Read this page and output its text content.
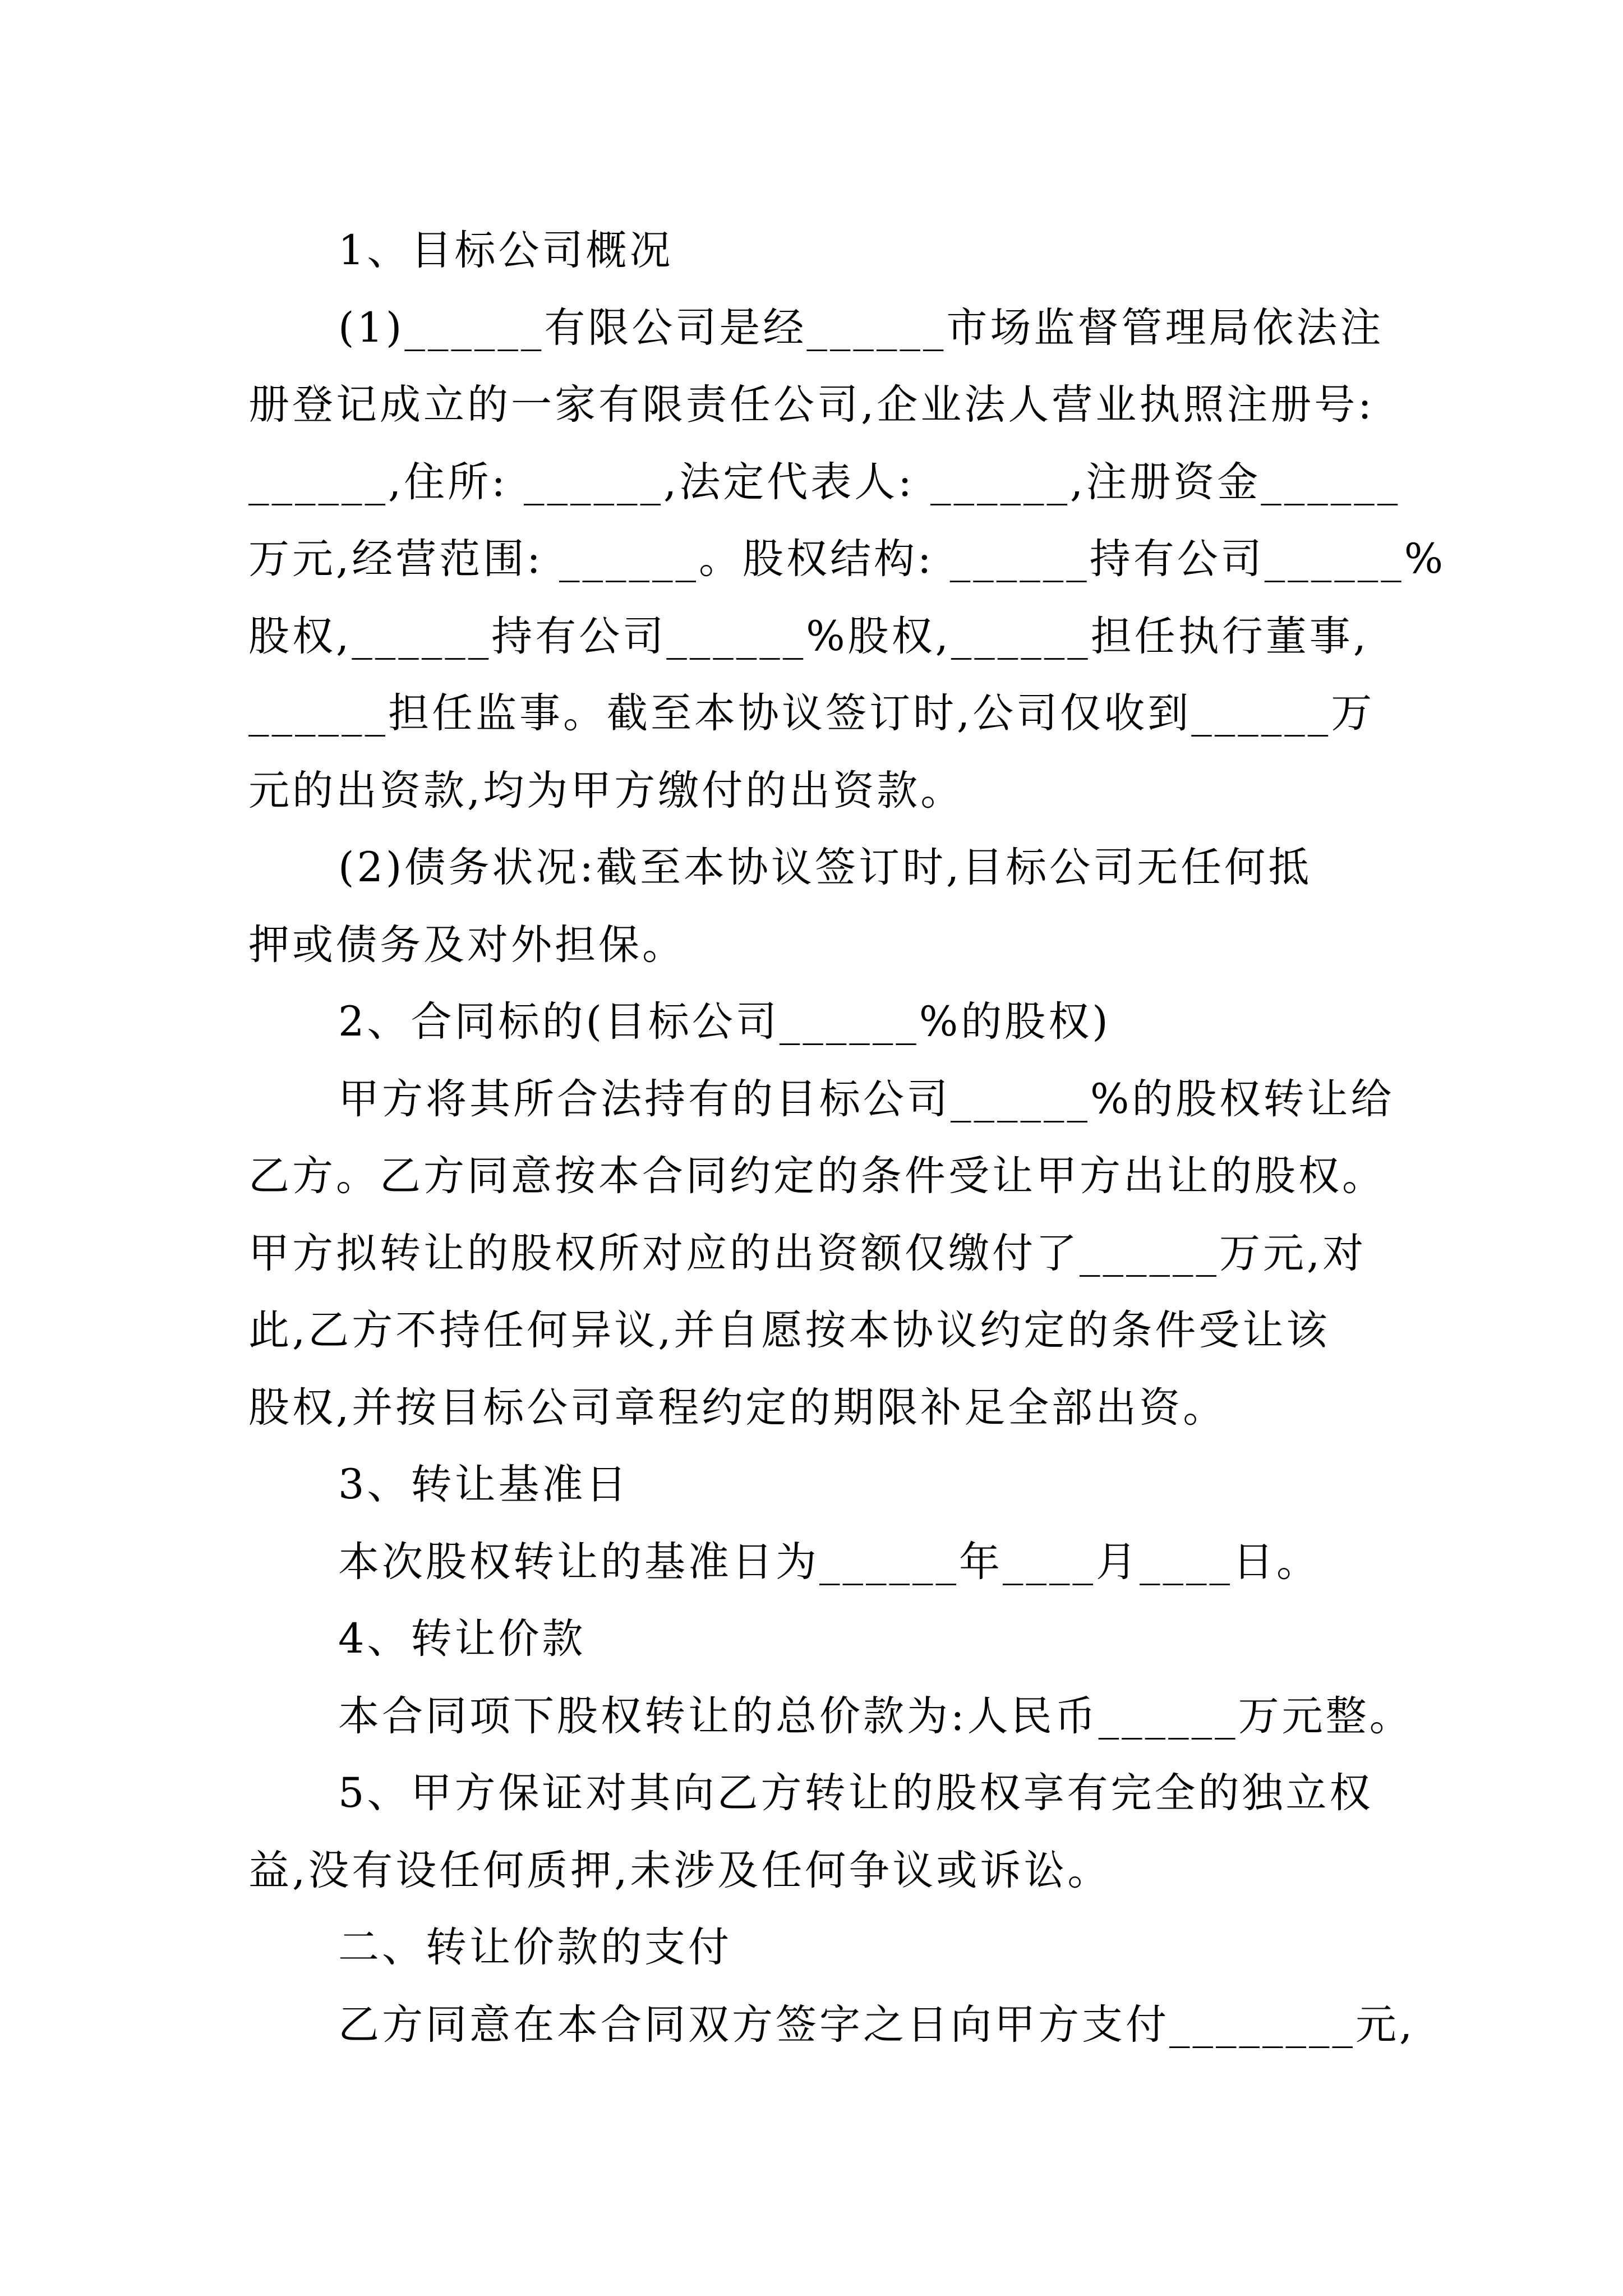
1、目标公司概况

(1)______有限公司是经______市场监督管理局依法注

册登记成立的一家有限责任公司,企业法人营业执照注册号:

______,住所: ______,法定代表人: ______,注册资金______

万元,经营范围: ______。股权结构: ______持有公司______%

股权,______持有公司______%股权,______担任执行董事,

______担任监事。截至本协议签订时,公司仅收到______万

元的出资款,均为甲方缴付的出资款。

(2)债务状况:截至本协议签订时,目标公司无任何抵

押或债务及对外担保。

2、合同标的(目标公司______%的股权)

甲方将其所合法持有的目标公司______%的股权转让给

乙方。乙方同意按本合同约定的条件受让甲方出让的股权。

甲方拟转让的股权所对应的出资额仅缴付了______万元,对

此,乙方不持任何异议,并自愿按本协议约定的条件受让该

股权,并按目标公司章程约定的期限补足全部出资。

3、转让基准日

本次股权转让的基准日为______年____月____日。

4、转让价款

本合同项下股权转让的总价款为:人民币______万元整。

5、甲方保证对其向乙方转让的股权享有完全的独立权

益,没有设任何质押,未涉及任何争议或诉讼。

二、转让价款的支付

乙方同意在本合同双方签字之日向甲方支付________元,
